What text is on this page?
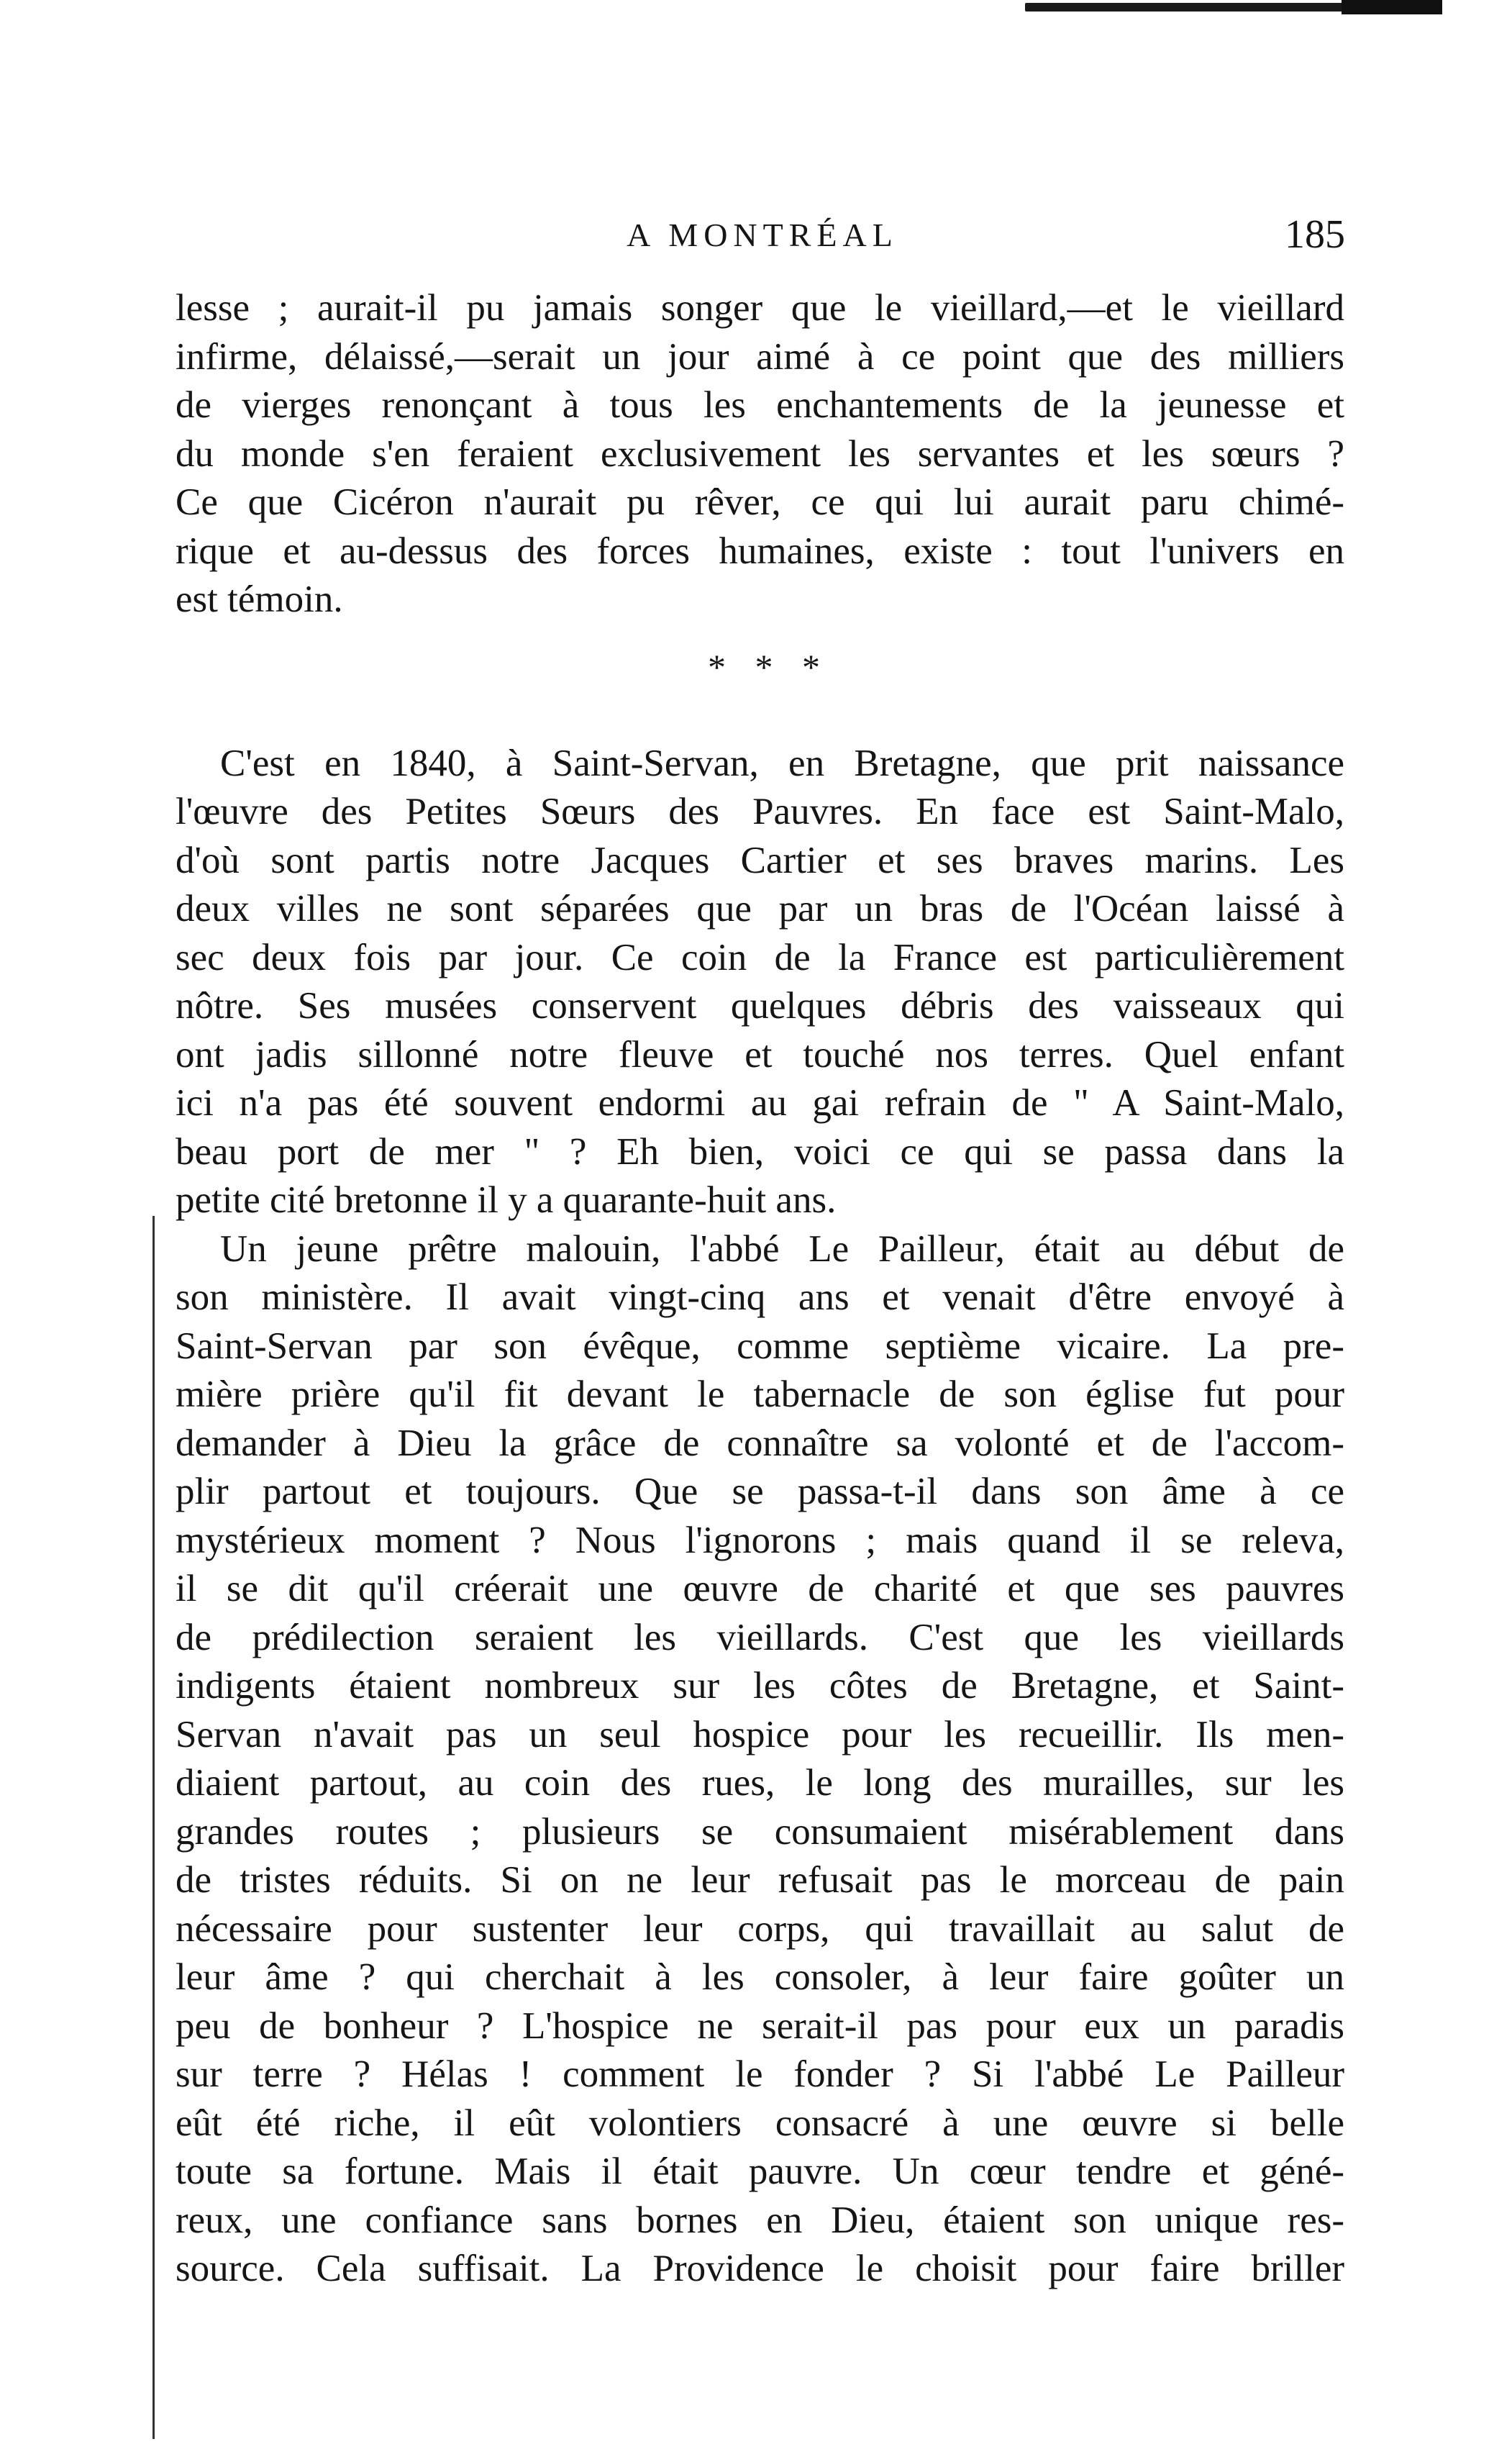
A MONTRÉAL	185
lesse ; aurait-il pu jamais songer que le vieillard,—et le vieillard
infirme, délaissé,—serait un jour aimé à ce point que des milliers
de vierges renonçant à tous les enchantements de la jeunesse et
du monde s'en feraient exclusivement les servantes et les sœurs ?
Ce que Cicéron n'aurait pu rêver, ce qui lui aurait paru chimé-
rique et au-dessus des forces humaines, existe : tout l'univers en
est témoin.
* * *
C'est en 1840, à Saint-Servan, en Bretagne, que prit naissance
l'œuvre des Petites Sœurs des Pauvres. En face est Saint-Malo,
d'où sont partis notre Jacques Cartier et ses braves marins. Les
deux villes ne sont séparées que par un bras de l'Océan laissé à
sec deux fois par jour. Ce coin de la France est particulièrement
nôtre. Ses musées conservent quelques débris des vaisseaux qui
ont jadis sillonné notre fleuve et touché nos terres. Quel enfant
ici n'a pas été souvent endormi au gai refrain de " A Saint-Malo,
beau port de mer " ? Eh bien, voici ce qui se passa dans la
petite cité bretonne il y a quarante-huit ans.
Un jeune prêtre malouin, l'abbé Le Pailleur, était au début de
son ministère. Il avait vingt-cinq ans et venait d'être envoyé à
Saint-Servan par son évêque, comme septième vicaire. La pre-
mière prière qu'il fit devant le tabernacle de son église fut pour
demander à Dieu la grâce de connaître sa volonté et de l'accom-
plir partout et toujours. Que se passa-t-il dans son âme à ce
mystérieux moment ? Nous l'ignorons ; mais quand il se releva,
il se dit qu'il créerait une œuvre de charité et que ses pauvres
de prédilection seraient les vieillards. C'est que les vieillards
indigents étaient nombreux sur les côtes de Bretagne, et Saint-
Servan n'avait pas un seul hospice pour les recueillir. Ils men-
diaient partout, au coin des rues, le long des murailles, sur les
grandes routes ; plusieurs se consumaient misérablement dans
de tristes réduits. Si on ne leur refusait pas le morceau de pain
nécessaire pour sustenter leur corps, qui travaillait au salut de
leur âme ? qui cherchait à les consoler, à leur faire goûter un
peu de bonheur ? L'hospice ne serait-il pas pour eux un paradis
sur terre ? Hélas ! comment le fonder ? Si l'abbé Le Pailleur
eût été riche, il eût volontiers consacré à une œuvre si belle
toute sa fortune. Mais il était pauvre. Un cœur tendre et géné-
reux, une confiance sans bornes en Dieu, étaient son unique res-
source. Cela suffisait. La Providence le choisit pour faire briller
